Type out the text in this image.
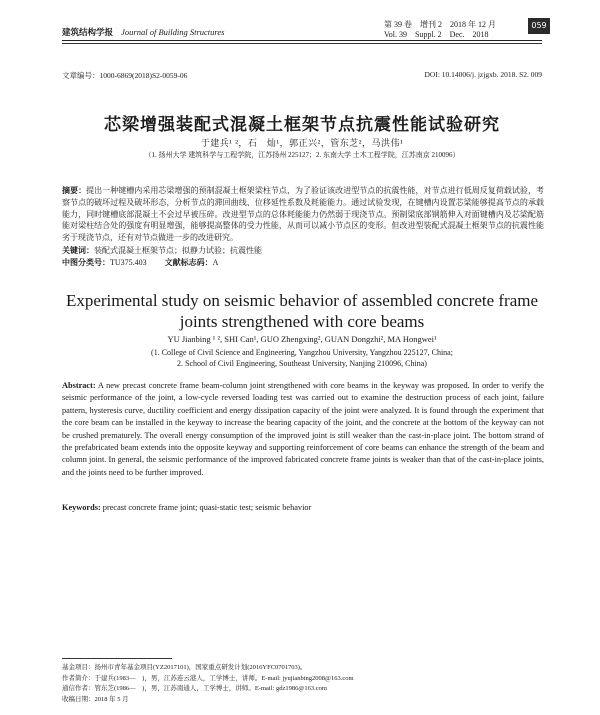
建筑结构学报 Journal of Building Structures
第 39 卷　增刊 2　2018 年 12 月
Vol. 39　Suppl. 2　Dec.　2018
059
文章编号：1000-6869(2018)S2-0059-06	DOI: 10.14006/j. jzjgxb. 2018. S2. 009
芯梁增强装配式混凝土框架节点抗震性能试验研究
于建兵¹ ²，石　灿¹，郭正兴²，管东芝²，马洪伟¹
（1. 扬州大学 建筑科学与工程学院，江苏扬州 225127；2. 东南大学 土木工程学院，江苏南京 210096）
摘要：提出一种键槽内采用芯梁增强的预制混凝土框架梁柱节点，为了验证该改进型节点的抗震性能，对节点进行低周反复荷载试验，考察节点的破坏过程及破坏形态，分析节点的滞回曲线、位移延性系数及耗能能力。通过试验发现，在键槽内设置芯梁能够提高节点的承载能力，同时键槽底部混凝土不会过早被压碎。改进型节点的总体耗能能力仍然弱于现浇节点。预制梁底部钢筋伸入对面键槽内及芯梁配筋能对梁柱结合处的强度有明显增强，能够提高整体的受力性能，从而可以减小节点区的变形。但改进型装配式混凝土框架节点的抗震性能劣于现浇节点，还有对节点做进一步的改进研究。
关键词：装配式混凝土框架节点；拟静力试验；抗震性能
中图分类号：TU375.403 文献标志码：A
Experimental study on seismic behavior of assembled concrete frame joints strengthened with core beams
YU Jianbing ¹ ², SHI Can¹, GUO Zhengxing², GUAN Dongzhi², MA Hongwei¹
(1. College of Civil Science and Engineering, Yangzhou University, Yangzhou 225127, China;
2. School of Civil Engineering, Southeast University, Nanjing 210096, China)
Abstract: A new precast concrete frame beam-column joint strengthened with core beams in the keyway was proposed. In order to verify the seismic performance of the joint, a low-cycle reversed loading test was carried out to examine the destruction process of each joint, failure pattern, hysteresis curve, ductility coefficient and energy dissipation capacity of the joint were analyzed. It is found through the experiment that the core beam can be installed in the keyway to increase the bearing capacity of the joint, and the concrete at the bottom of the keyway can not be crushed prematurely. The overall energy consumption of the improved joint is still weaker than the cast-in-place joint. The bottom strand of the prefabricated beam extends into the opposite keyway and supporting reinforcement of core beams can enhance the strength of the beam and column joint. In general, the seismic performance of the improved fabricated concrete frame joints is weaker than that of the cast-in-place joints, and the joints need to be further improved.
Keywords: precast concrete frame joint; quasi-static test; seismic behavior
基金项目：扬州市青年基金项目(YZ2017101)，国家重点研发计划(2016YFC0701703)。
作者简介：于建兵(1983—　)，男，江苏连云港人，工学博士，讲师。E-mail: jyujianbing2008@163.com
通信作者：管东芝(1986—　)，男，江苏南通人，工学博士，讲师。E-mail: gdz1986@163.com
收稿日期：2018 年 5 月
